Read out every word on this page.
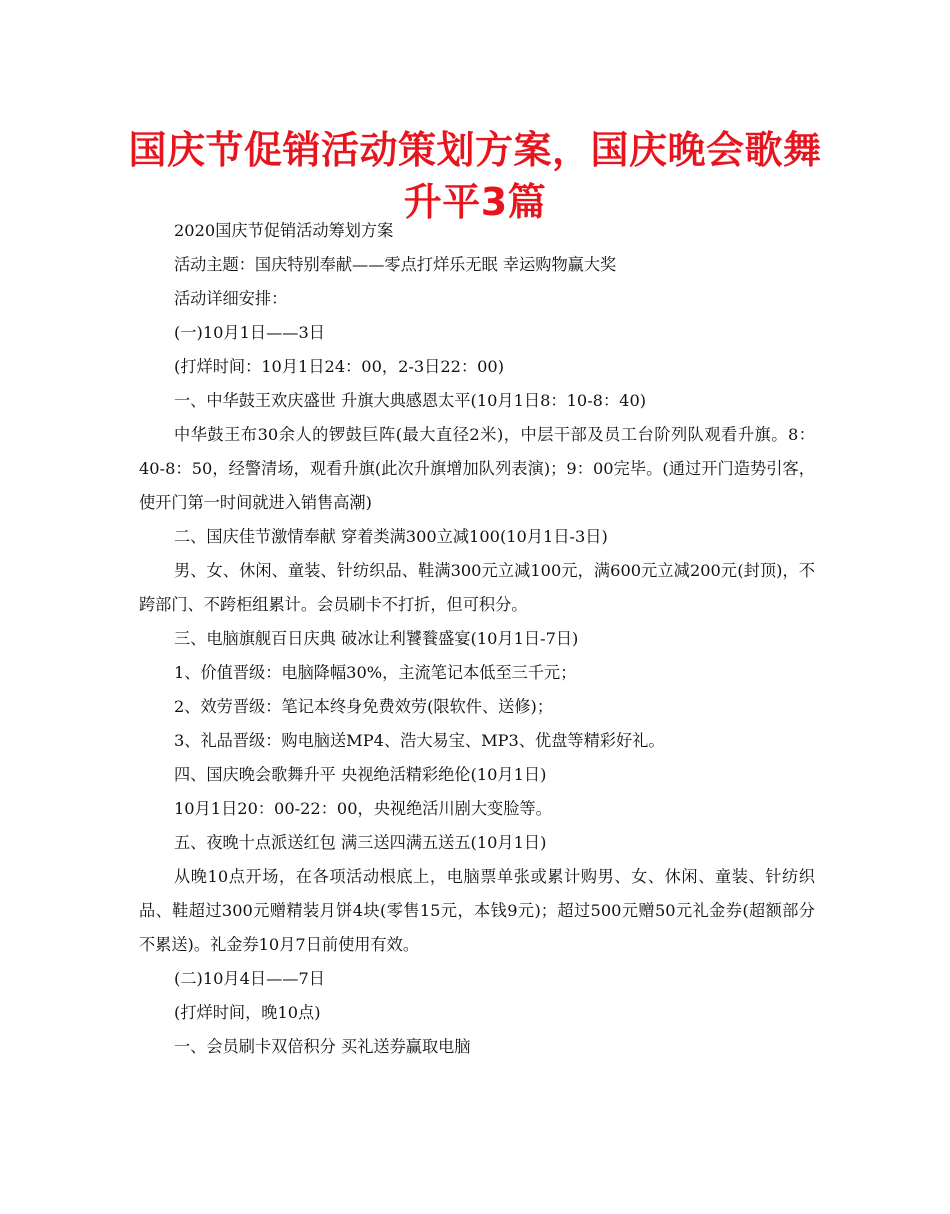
国庆节促销活动策划方案，国庆晚会歌舞
升平3篇

2020国庆节促销活动筹划方案

活动主题：国庆特别奉献——零点打烊乐无眠 幸运购物赢大奖

活动详细安排：

(一)10月1日——3日

(打烊时间：10月1日24：00，2-3日22：00)

一、中华鼓王欢庆盛世 升旗大典感恩太平(10月1日8：10-8：40)

中华鼓王布30余人的锣鼓巨阵(最大直径2米)，中层干部及员工台阶列队观看升旗。8：40-8：50，经警清场，观看升旗(此次升旗增加队列表演)；9：00完毕。(通过开门造势引客，使开门第一时间就进入销售高潮)

二、国庆佳节激情奉献 穿着类满300立减100(10月1日-3日)

男、女、休闲、童装、针纺织品、鞋满300元立减100元，满600元立减200元(封顶)，不跨部门、不跨柜组累计。会员刷卡不打折，但可积分。

三、电脑旗舰百日庆典 破冰让利饕餮盛宴(10月1日-7日)

1、价值晋级：电脑降幅30%，主流笔记本低至三千元；

2、效劳晋级：笔记本终身免费效劳(限软件、送修)；

3、礼品晋级：购电脑送MP4、浩大易宝、MP3、优盘等精彩好礼。

四、国庆晚会歌舞升平 央视绝活精彩绝伦(10月1日)

10月1日20：00-22：00，央视绝活川剧大变脸等。

五、夜晚十点派送红包 满三送四满五送五(10月1日)

从晚10点开场，在各项活动根底上，电脑票单张或累计购男、女、休闲、童装、针纺织品、鞋超过300元赠精装月饼4块(零售15元，本钱9元)；超过500元赠50元礼金券(超额部分不累送)。礼金券10月7日前使用有效。

(二)10月4日——7日

(打烊时间，晚10点)

一、会员刷卡双倍积分 买礼送券赢取电脑
